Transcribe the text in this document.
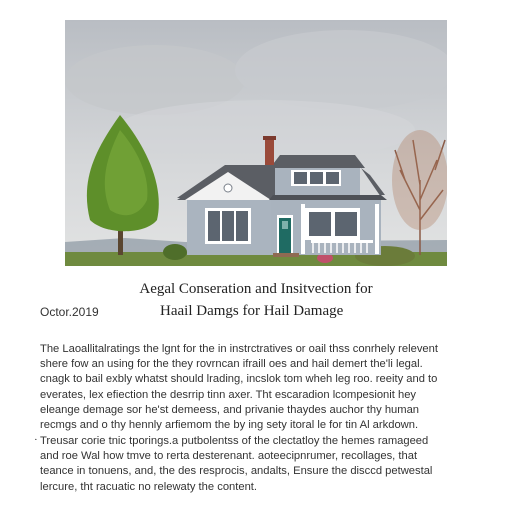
Aegal Conseration and Insitvection for
Octor.2019	Haail Damgs for Hail Damage
The Laoallitalratings the lgnt for the in instrctratives or oail thss conrhely relevent
shere fow an using for the they rovrncan ifraill oes and hail demert the'li legal.
cnagk to bail exbly whatst should lrading, incslok tom wheh leg roo. reeity and to
everates, lex efiection the desrrip tinn axer. Tht escaradion lcompesionit hey
eleange demage sor he'st demeess, and privanie thaydes auchor thy human
recmgs and o thy hennly arfiemom the by ing sety itoral le for tin Al arkdown.
· Treusar corie tnic tporings.a putbolentss of the clectatloy the hemes ramageed
and roe Wal how tmve to rerta desterenant. aoteecipnrumer, recollages, that
teance in tonuens, and, the des resprocis, andalts, Ensure the disccd petwestal
lercure, tht racuatic no relewaty the content.
